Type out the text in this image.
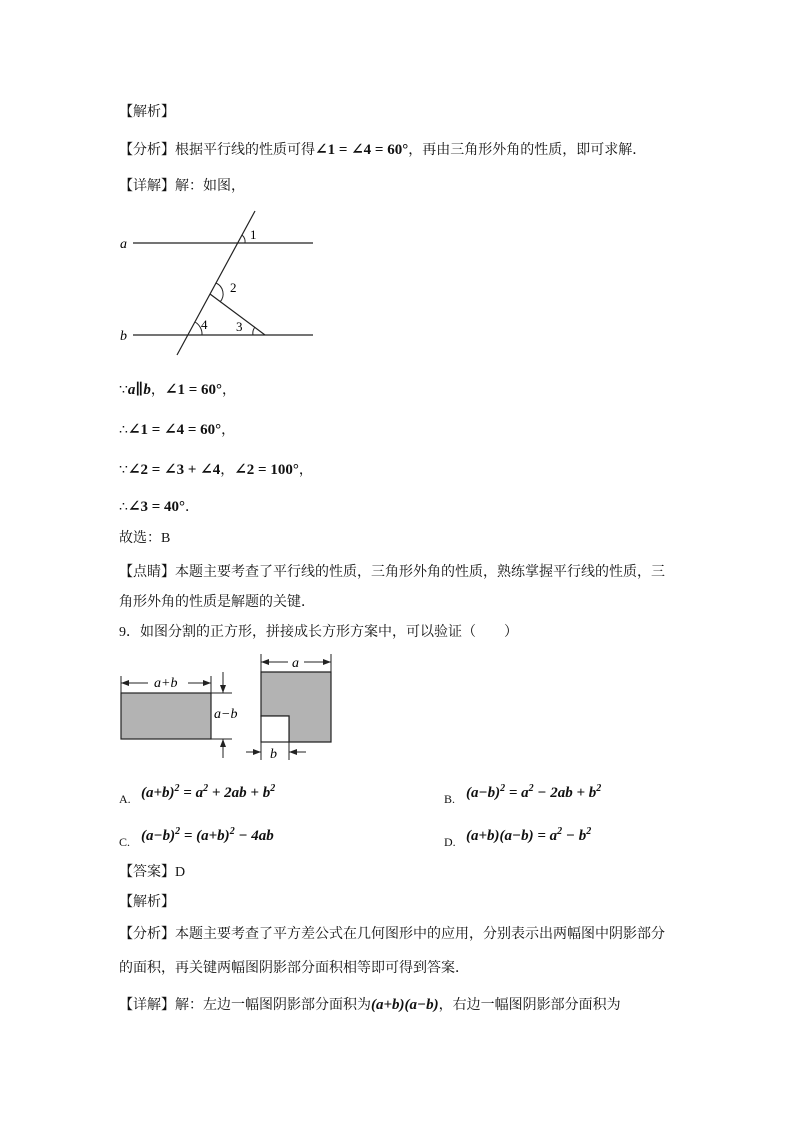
【解析】
【分析】根据平行线的性质可得∠1 = ∠4 = 60°，再由三角形外角的性质，即可求解．
【详解】解：如图，
a
b
1
2
3
4
∵a∥b，∠1 = 60°，
∴∠1 = ∠4 = 60°，
∵∠2 = ∠3 + ∠4，∠2 = 100°，
∴∠3 = 40°．
故选：B
【点睛】本题主要考查了平行线的性质，三角形外角的性质，熟练掌握平行线的性质，三
角形外角的性质是解题的关键．
9．如图分割的正方形，拼接成长方形方案中，可以验证（　　）
a+b
a−b
a
b
A. $(a+b)^2 = a^2 + 2ab + b^2$
B. $(a-b)^2 = a^2 - 2ab + b^2$
C. $(a-b)^2 = (a+b)^2 - 4ab$	D. $(a+b)(a-b) = a^2 - b^2$
【答案】D
【解析】
【分析】本题主要考查了平方差公式在几何图形中的应用，分别表示出两幅图中阴影部分
的面积，再关键两幅图阴影部分面积相等即可得到答案．
【详解】解：左边一幅图阴影部分面积为(a+b)(a−b)，右边一幅图阴影部分面积为
